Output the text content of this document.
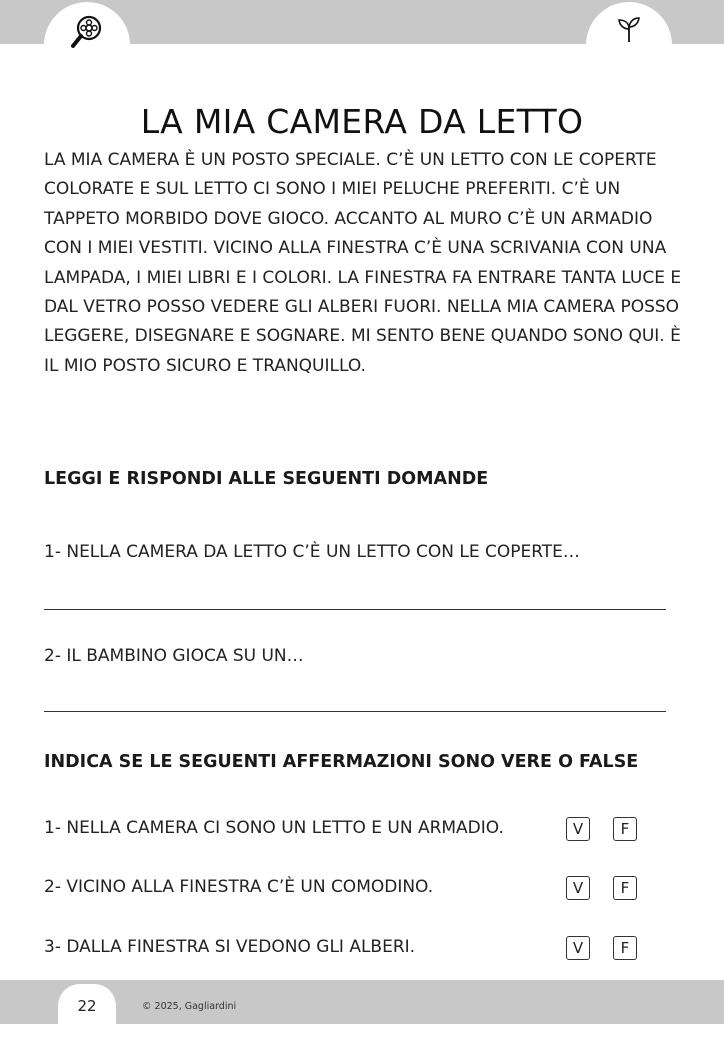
LA MIA CAMERA DA LETTO

LA MIA CAMERA È UN POSTO SPECIALE. C’È UN LETTO CON LE COPERTE COLORATE E SUL LETTO CI SONO I MIEI PELUCHE PREFERITI. C’È UN TAPPETO MORBIDO DOVE GIOCO. ACCANTO AL MURO C’È UN ARMADIO CON I MIEI VESTITI. VICINO ALLA FINESTRA C’È UNA SCRIVANIA CON UNA LAMPADA, I MIEI LIBRI E I COLORI. LA FINESTRA FA ENTRARE TANTA LUCE E DAL VETRO POSSO VEDERE GLI ALBERI FUORI. NELLA MIA CAMERA POSSO LEGGERE, DISEGNARE E SOGNARE. MI SENTO BENE QUANDO SONO QUI. È IL MIO POSTO SICURO E TRANQUILLO.

LEGGI E RISPONDI ALLE SEGUENTI DOMANDE

1- NELLA CAMERA DA LETTO C’È UN LETTO CON LE COPERTE…

2- IL BAMBINO GIOCA SU UN…

INDICA SE LE SEGUENTI AFFERMAZIONI SONO VERE O FALSE
1- NELLA CAMERA CI SONO UN LETTO E UN ARMADIO.	V	F
2- VICINO ALLA FINESTRA C’È UN COMODINO.	V	F
3- DALLA FINESTRA SI VEDONO GLI ALBERI.	V	F
22	© 2025, Gagliardini
